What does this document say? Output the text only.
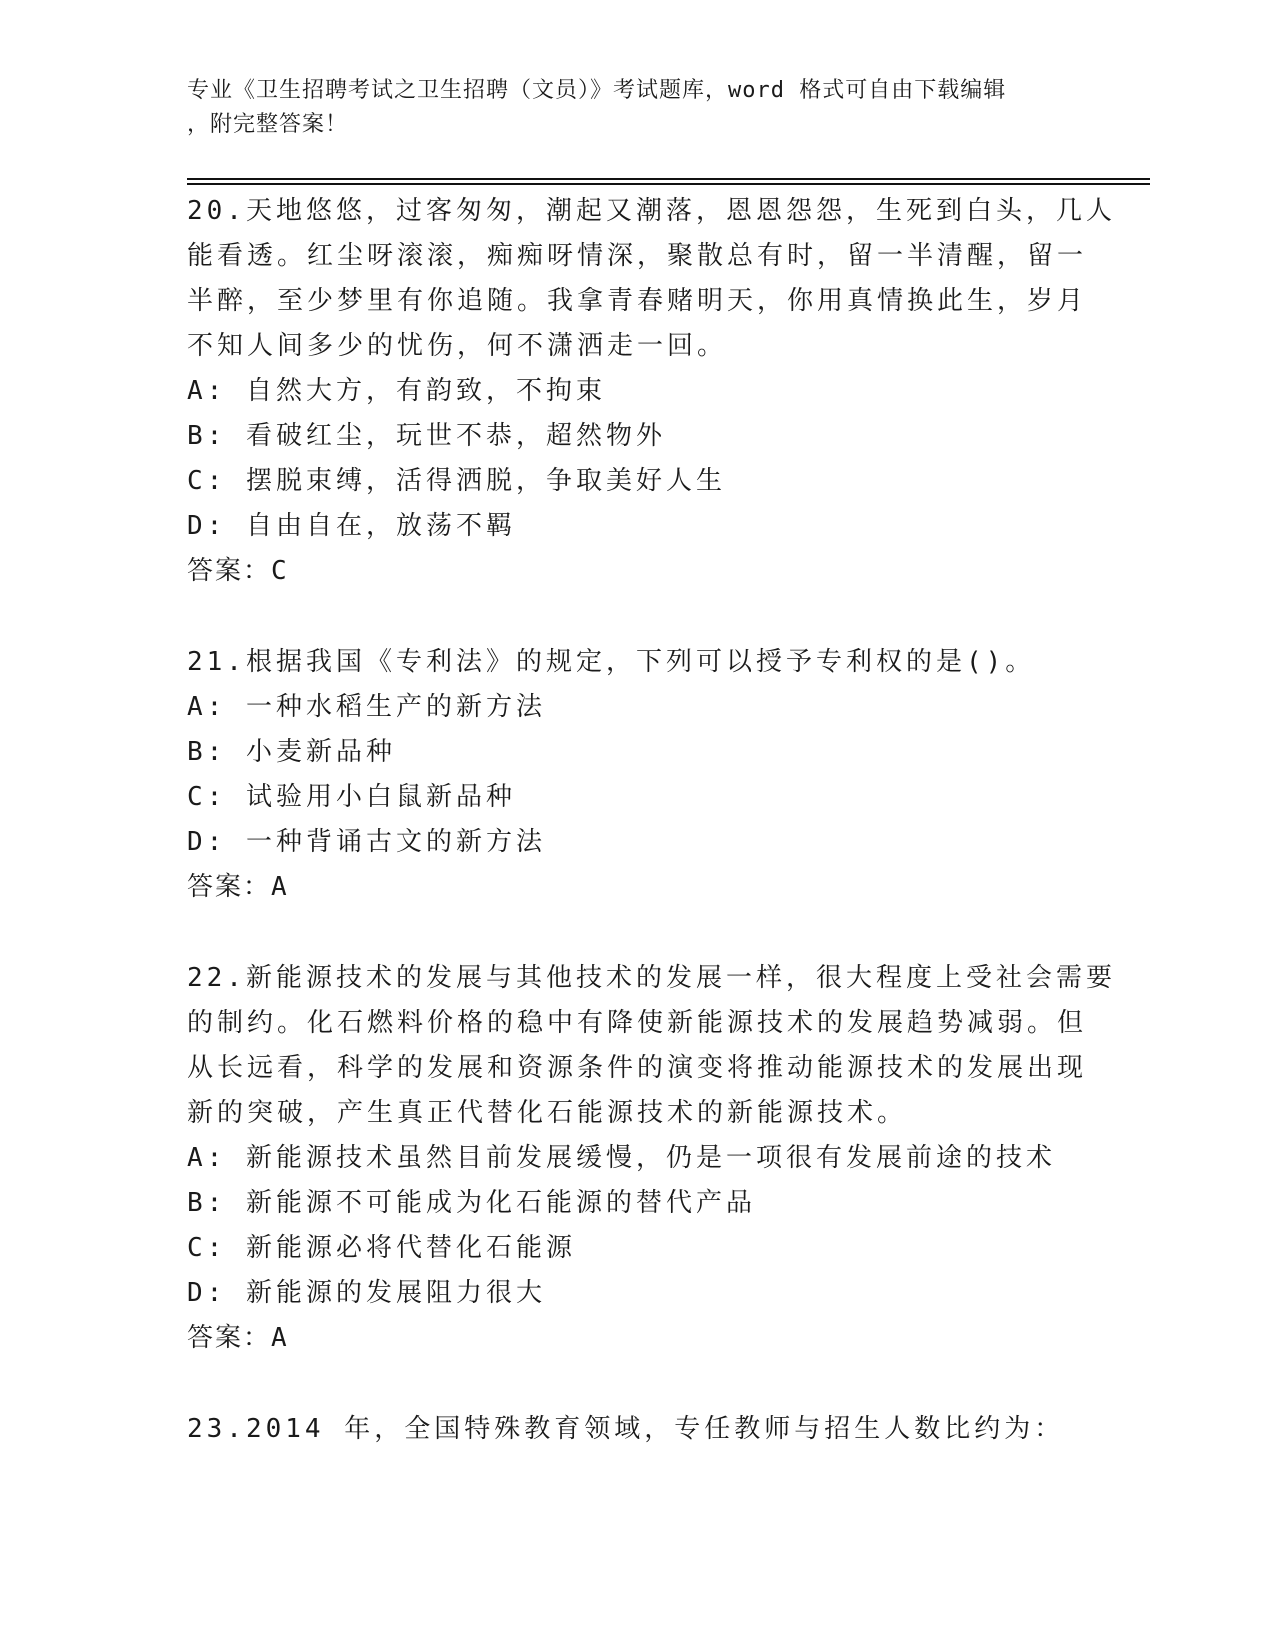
专业《卫生招聘考试之卫生招聘（文员）》考试题库，word 格式可自由下载编辑
，附完整答案！
20.天地悠悠，过客匆匆，潮起又潮落，恩恩怨怨，生死到白头，几人
能看透。红尘呀滚滚，痴痴呀情深，聚散总有时，留一半清醒，留一
半醉，至少梦里有你追随。我拿青春赌明天，你用真情换此生，岁月
不知人间多少的忧伤，何不潇洒走一回。
A: 自然大方，有韵致，不拘束
B: 看破红尘，玩世不恭，超然物外
C: 摆脱束缚，活得洒脱，争取美好人生
D: 自由自在，放荡不羁
答案：C
21.根据我国《专利法》的规定，下列可以授予专利权的是()。
A: 一种水稻生产的新方法
B: 小麦新品种
C: 试验用小白鼠新品种
D: 一种背诵古文的新方法
答案：A
22.新能源技术的发展与其他技术的发展一样，很大程度上受社会需要
的制约。化石燃料价格的稳中有降使新能源技术的发展趋势减弱。但
从长远看，科学的发展和资源条件的演变将推动能源技术的发展出现
新的突破，产生真正代替化石能源技术的新能源技术。
A: 新能源技术虽然目前发展缓慢，仍是一项很有发展前途的技术
B: 新能源不可能成为化石能源的替代产品
C: 新能源必将代替化石能源
D: 新能源的发展阻力很大
答案：A
23.2014 年，全国特殊教育领域，专任教师与招生人数比约为：
